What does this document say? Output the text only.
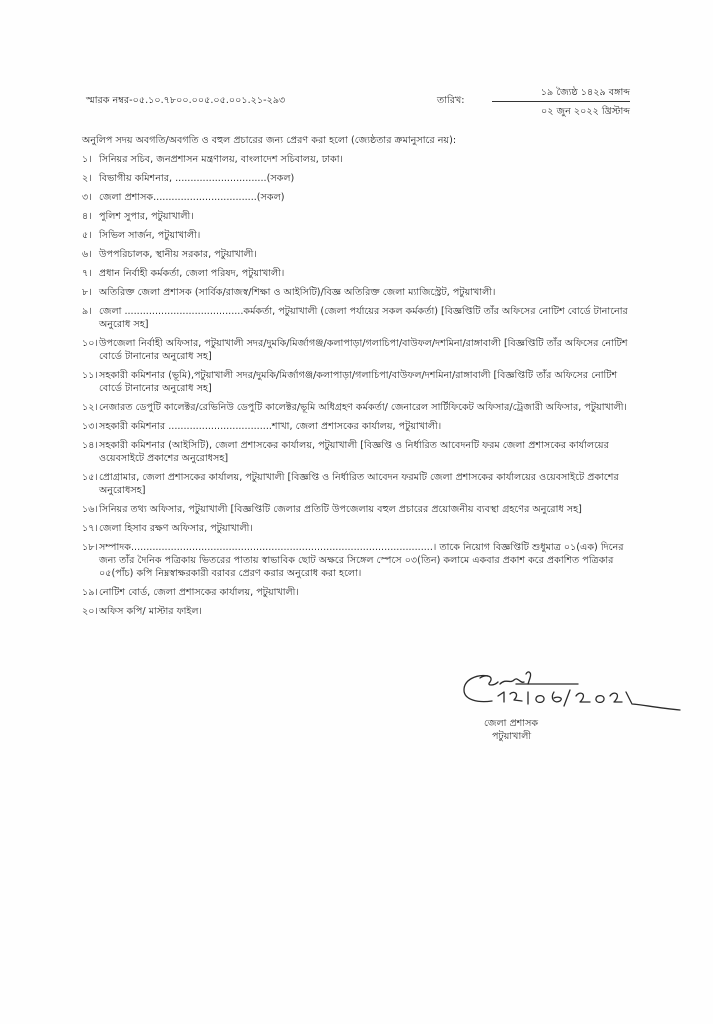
স্মারক নম্বর-০৫.১০.৭৮০০.০০৫.০৫.০০১.২১-২৯৩	তারিখ:
১৯ জ্যৈষ্ঠ ১৪২৯ বঙ্গাব্দ
০২ জুন ২০২২ খ্রিস্টাব্দ
অনুলিপ সদয় অবগতি/অবগতি ও বহুল প্রচারের জন্য প্রেরণ করা হলো (জ্যেষ্ঠতার ক্রমানুসারে নয়):
১। সিনিয়র সচিব, জনপ্রশাসন মন্ত্রণালয়, বাংলাদেশ সচিবালয়, ঢাকা।
২। বিভাগীয় কমিশনার, ..............................(সকল)
৩। জেলা প্রশাসক..................................(সকল)
৪। পুলিশ সুপার, পটুয়াখালী।
৫। সিভিল সার্জন, পটুয়াখালী।
৬। উপপরিচালক, স্থানীয় সরকার, পটুয়াখালী।
৭। প্রধান নির্বাহী কর্মকর্তা, জেলা পরিষদ, পটুয়াখালী।
৮। অতিরিক্ত জেলা প্রশাসক (সার্বিক/রাজস্ব/শিক্ষা ও আইসিটি)/বিজ্ঞ অতিরিক্ত জেলা ম্যাজিস্ট্রেট, পটুয়াখালী।
৯। জেলা .......................................কর্মকর্তা, পটুয়াখালী (জেলা পর্যায়ের সকল কর্মকর্তা) [বিজ্ঞপ্তিটি তাঁর অফিসের নোটিশ বোর্ডে টানানোর অনুরোধ সহ]
১০। উপজেলা নির্বাহী অফিসার, পটুয়াখালী সদর/দুমকি/মির্জাগঞ্জ/কলাপাড়া/গলাচিপা/বাউফল/দশমিনা/রাঙ্গাবালী [বিজ্ঞপ্তিটি তাঁর অফিসের নোটিশ বোর্ডে টানানোর অনুরোধ সহ]
১১। সহকারী কমিশনার (ভূমি),পটুয়াখালী সদর/দুমকি/মির্জাগঞ্জ/কলাপাড়া/গলাচিপা/বাউফল/দশমিনা/রাঙ্গাবালী [বিজ্ঞপ্তিটি তাঁর অফিসের নোটিশ বোর্ডে টানানোর অনুরোধ সহ]
১২। নেজারত ডেপুটি কালেক্টর/রেভিনিউ ডেপুটি কালেক্টর/ভূমি অধিগ্রহণ কর্মকর্তা/ জেনারেল সার্টিফিকেট অফিসার/ট্রেজারী অফিসার, পটুয়াখালী।
১৩। সহকারী কমিশনার ..................................শাখা, জেলা প্রশাসকের কার্যালয়, পটুয়াখালী।
১৪। সহকারী কমিশনার (আইসিটি), জেলা প্রশাসকের কার্যালয়, পটুয়াখালী [বিজ্ঞপ্তি ও নির্ধারিত আবেদনটি ফরম জেলা প্রশাসকের কার্যালয়ের ওয়েবসাইটে প্রকাশের অনুরোধসহ]
১৫। প্রোগ্রামার, জেলা প্রশাসকের কার্যালয়, পটুয়াখালী [বিজ্ঞপ্তি ও নির্ধারিত আবেদন ফরমটি জেলা প্রশাসকের কার্যালয়ের ওয়েবসাইটে প্রকাশের অনুরোধসহ]
১৬। সিনিয়র তথ্য অফিসার, পটুয়াখালী [বিজ্ঞপ্তিটি জেলার প্রতিটি উপজেলায় বহুল প্রচারের প্রয়োজনীয় ব্যবস্থা গ্রহণের অনুরোধ সহ]
১৭। জেলা হিসাব রক্ষণ অফিসার, পটুয়াখালী।
১৮। সম্পাদক...................................................................................................। তাকে নিয়োগ বিজ্ঞপ্তিটি শুধুমাত্র ০১(এক) দিনের জন্য তাঁর দৈনিক পত্রিকায় ভিতরের পাতায় স্বাভাবিক ছোট অক্ষরে সিঙ্গেল স্পেসে ০৩(তিন) কলামে একবার প্রকাশ করে প্রকাশিত পত্রিকার ০৫(পাঁচ) কপি নিম্নস্বাক্ষরকারী বরাবর প্রেরণ করার অনুরোধ করা হলো।
১৯। নোটিশ বোর্ড, জেলা প্রশাসকের কার্যালয়, পটুয়াখালী।
২০। অফিস কপি/ মাস্টার ফাইল।
জেলা প্রশাসক
পটুয়াখালী
